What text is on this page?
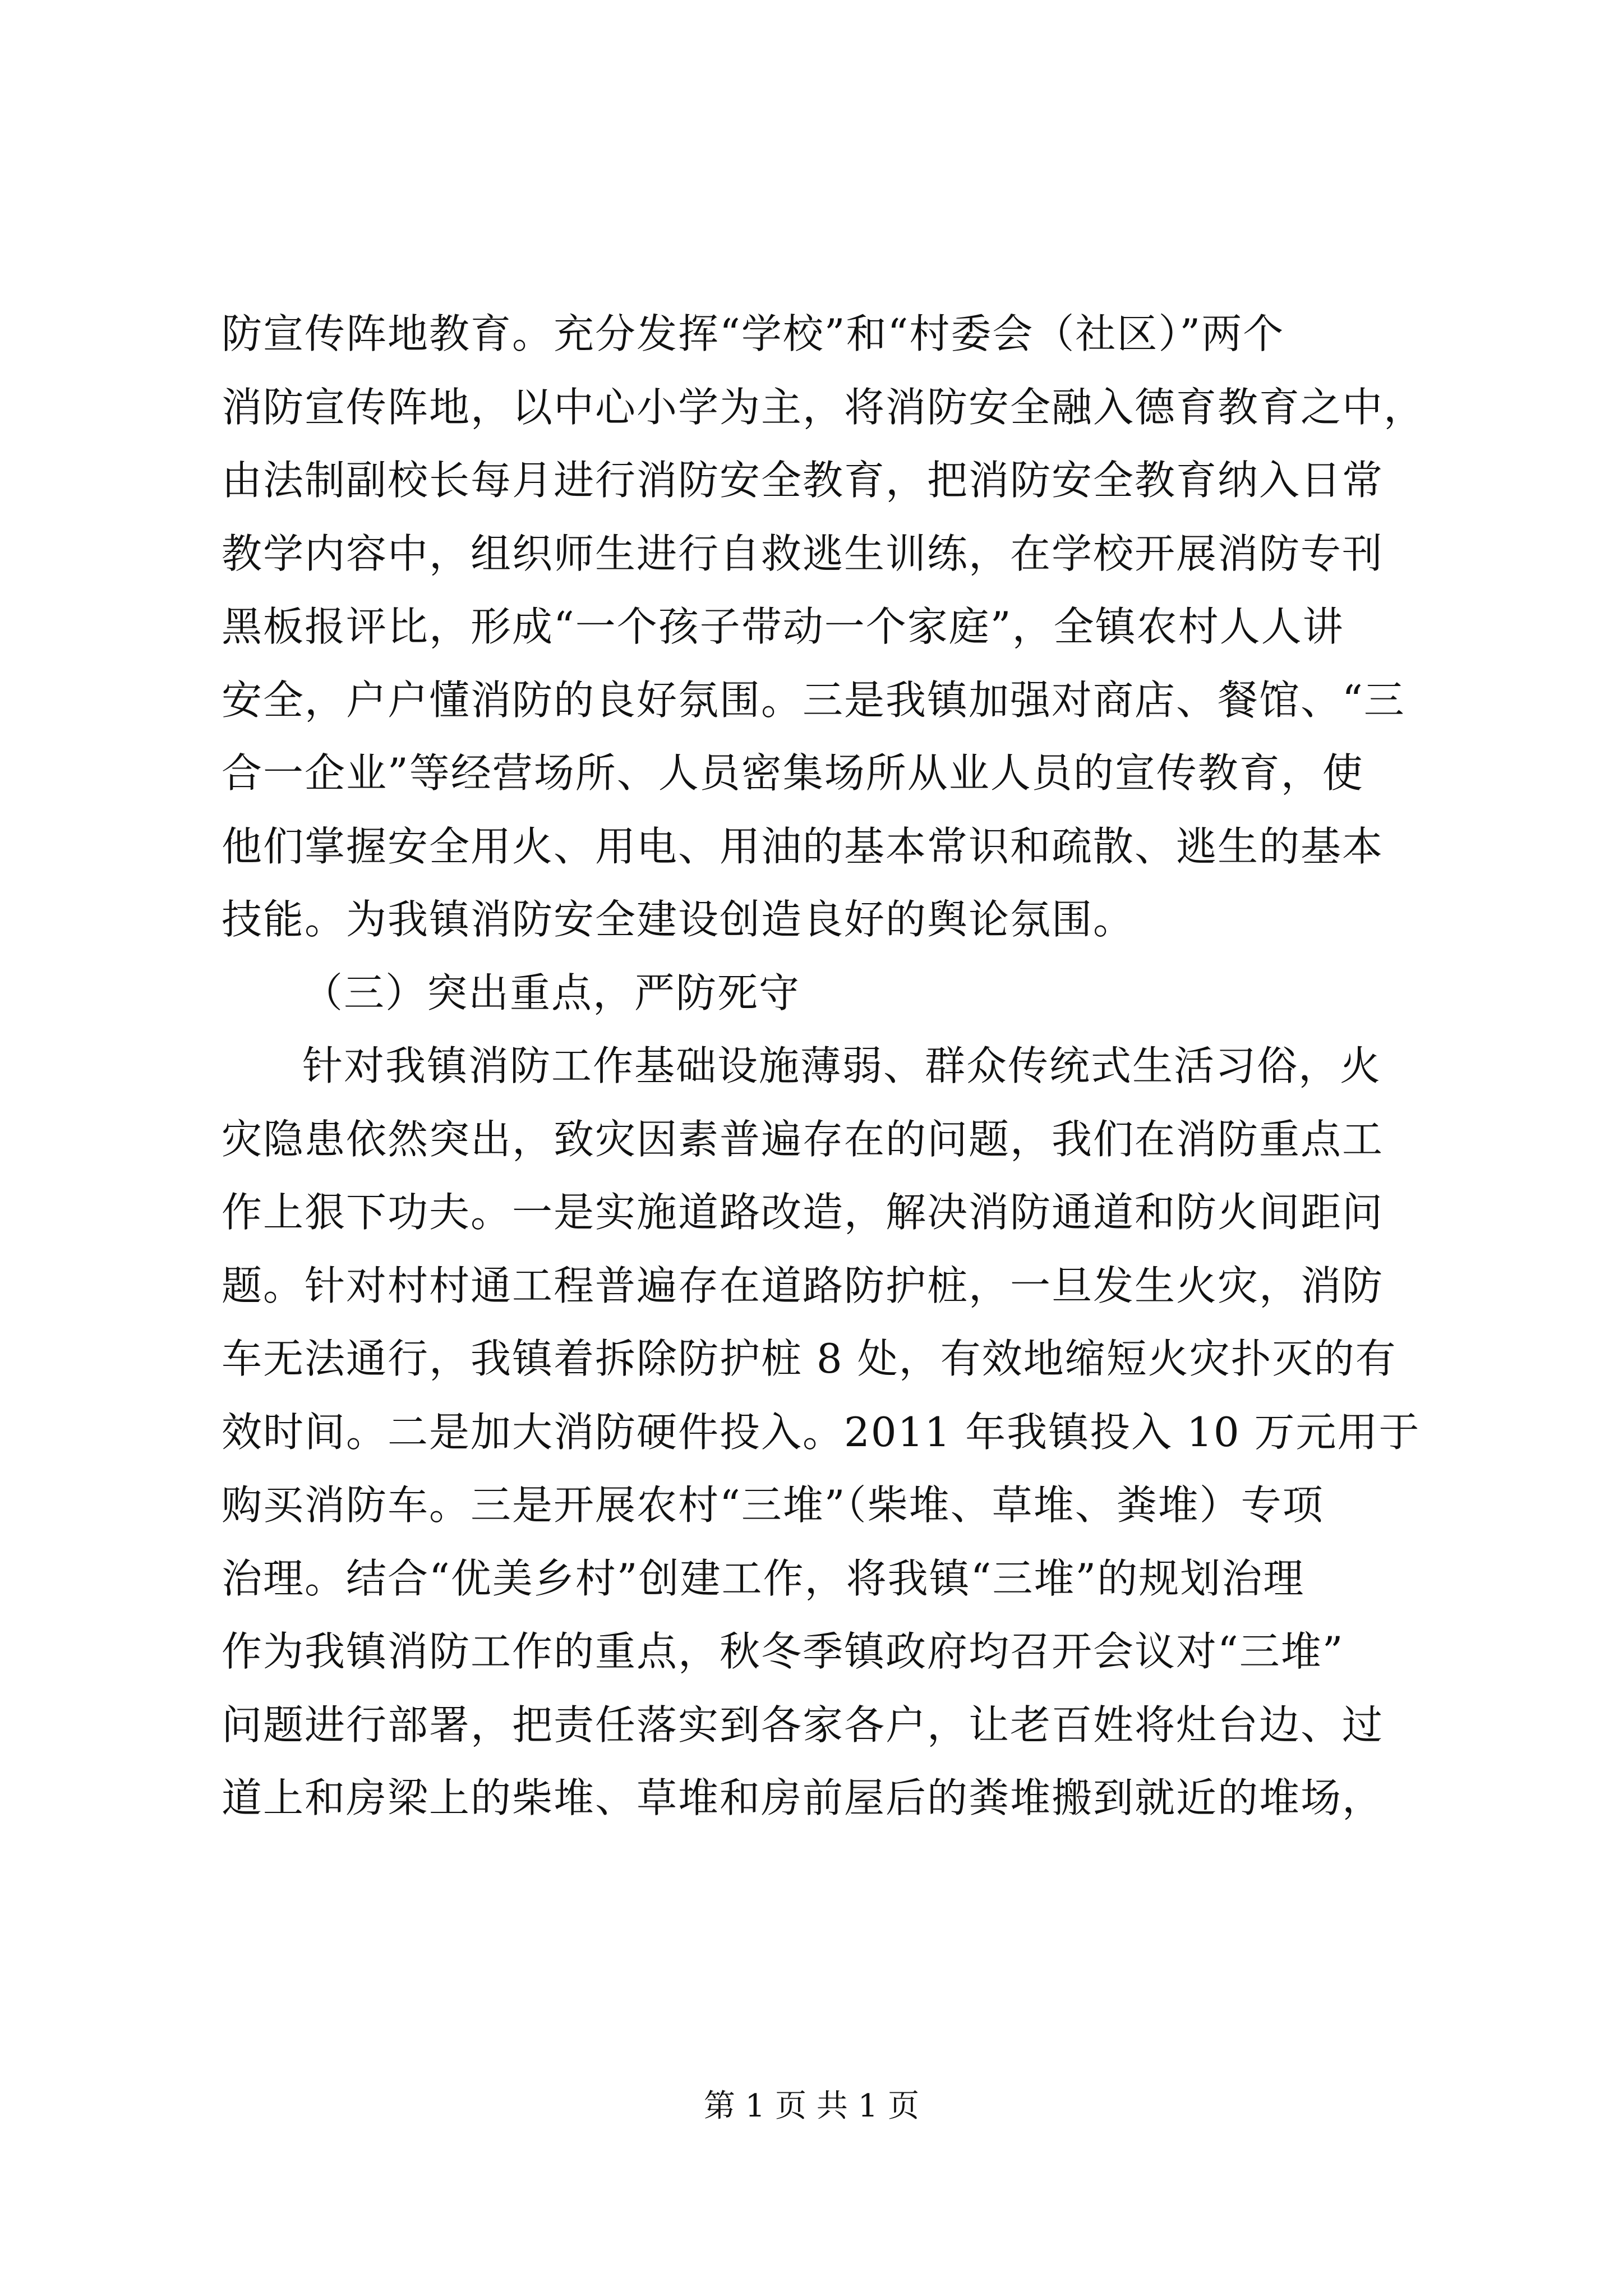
防宣传阵地教育。充分发挥“学校”和“村委会（社区）”两个
消防宣传阵地，以中心小学为主，将消防安全融入德育教育之中，
由法制副校长每月进行消防安全教育，把消防安全教育纳入日常
教学内容中，组织师生进行自救逃生训练，在学校开展消防专刊
黑板报评比，形成“一个孩子带动一个家庭”，全镇农村人人讲
安全，户户懂消防的良好氛围。三是我镇加强对商店、餐馆、“三
合一企业”等经营场所、人员密集场所从业人员的宣传教育，使
他们掌握安全用火、用电、用油的基本常识和疏散、逃生的基本
技能。为我镇消防安全建设创造良好的舆论氛围。
（三）突出重点，严防死守
针对我镇消防工作基础设施薄弱、群众传统式生活习俗，火
灾隐患依然突出，致灾因素普遍存在的问题，我们在消防重点工
作上狠下功夫。一是实施道路改造，解决消防通道和防火间距问
题。针对村村通工程普遍存在道路防护桩，一旦发生火灾，消防
车无法通行，我镇着拆除防护桩 8 处，有效地缩短火灾扑灭的有
效时间。二是加大消防硬件投入。2011 年我镇投入 10 万元用于
购买消防车。三是开展农村“三堆”（柴堆、草堆、粪堆）专项
治理。结合“优美乡村”创建工作，将我镇“三堆”的规划治理
作为我镇消防工作的重点，秋冬季镇政府均召开会议对“三堆”
问题进行部署，把责任落实到各家各户，让老百姓将灶台边、过
道上和房梁上的柴堆、草堆和房前屋后的粪堆搬到就近的堆场，
第 1 页 共 1 页
